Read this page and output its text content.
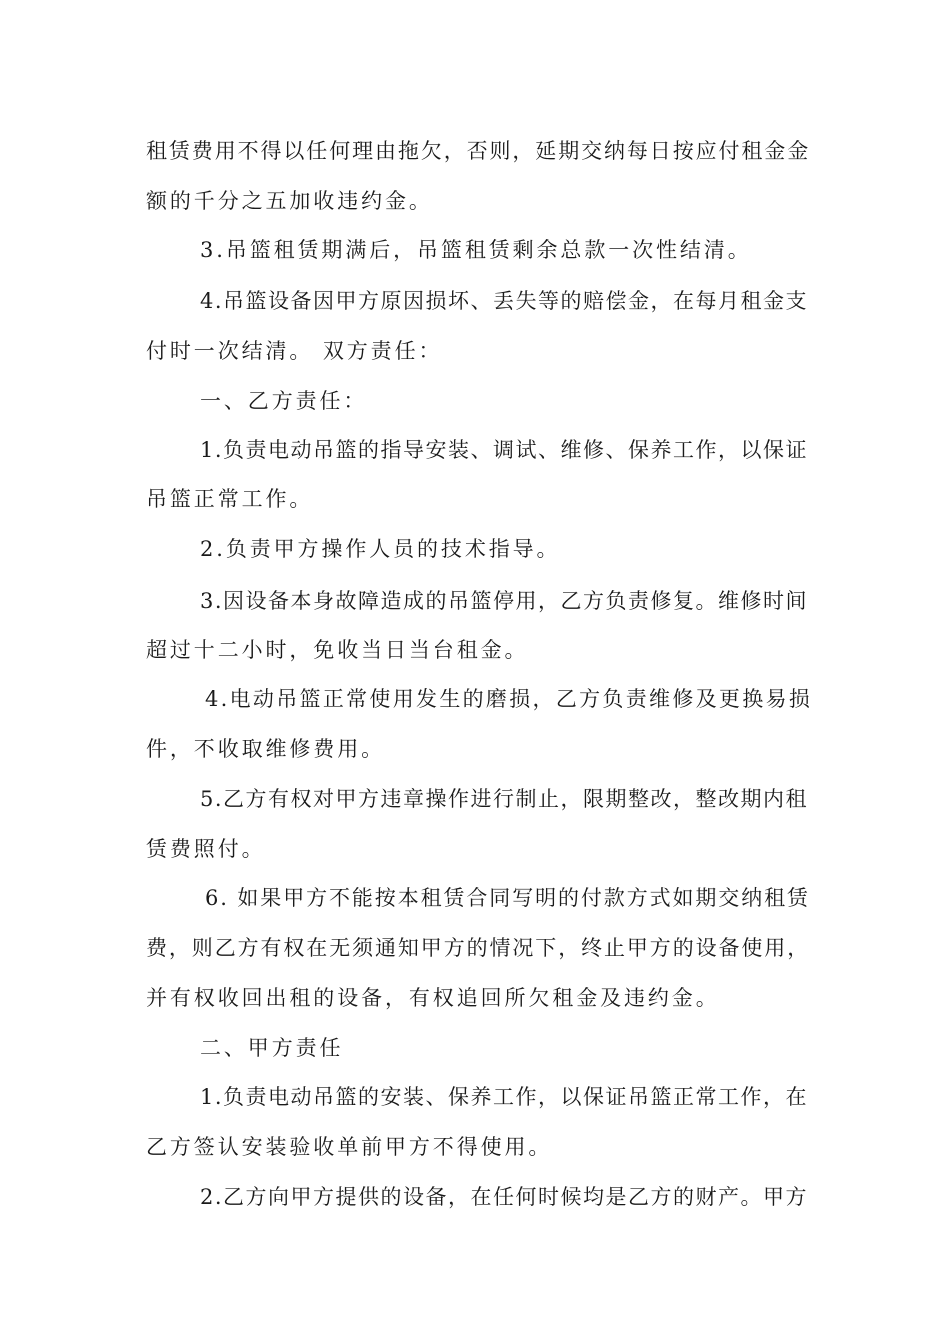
租赁费用不得以任何理由拖欠，否则，延期交纳每日按应付租金金
额的千分之五加收违约金。
3.吊篮租赁期满后，吊篮租赁剩余总款一次性结清。
4.吊篮设备因甲方原因损坏、丢失等的赔偿金，在每月租金支
付时一次结清。 双方责任：
一、乙方责任：
1.负责电动吊篮的指导安装、调试、维修、保养工作，以保证
吊篮正常工作。
2.负责甲方操作人员的技术指导。
3.因设备本身故障造成的吊篮停用，乙方负责修复。维修时间
超过十二小时，免收当日当台租金。
4.电动吊篮正常使用发生的磨损，乙方负责维修及更换易损
件，不收取维修费用。
5.乙方有权对甲方违章操作进行制止，限期整改，整改期内租
赁费照付。
6. 如果甲方不能按本租赁合同写明的付款方式如期交纳租赁
费，则乙方有权在无须通知甲方的情况下，终止甲方的设备使用，
并有权收回出租的设备，有权追回所欠租金及违约金。
二、甲方责任
1.负责电动吊篮的安装、保养工作，以保证吊篮正常工作，在
乙方签认安装验收单前甲方不得使用。
2.乙方向甲方提供的设备，在任何时候均是乙方的财产。甲方
